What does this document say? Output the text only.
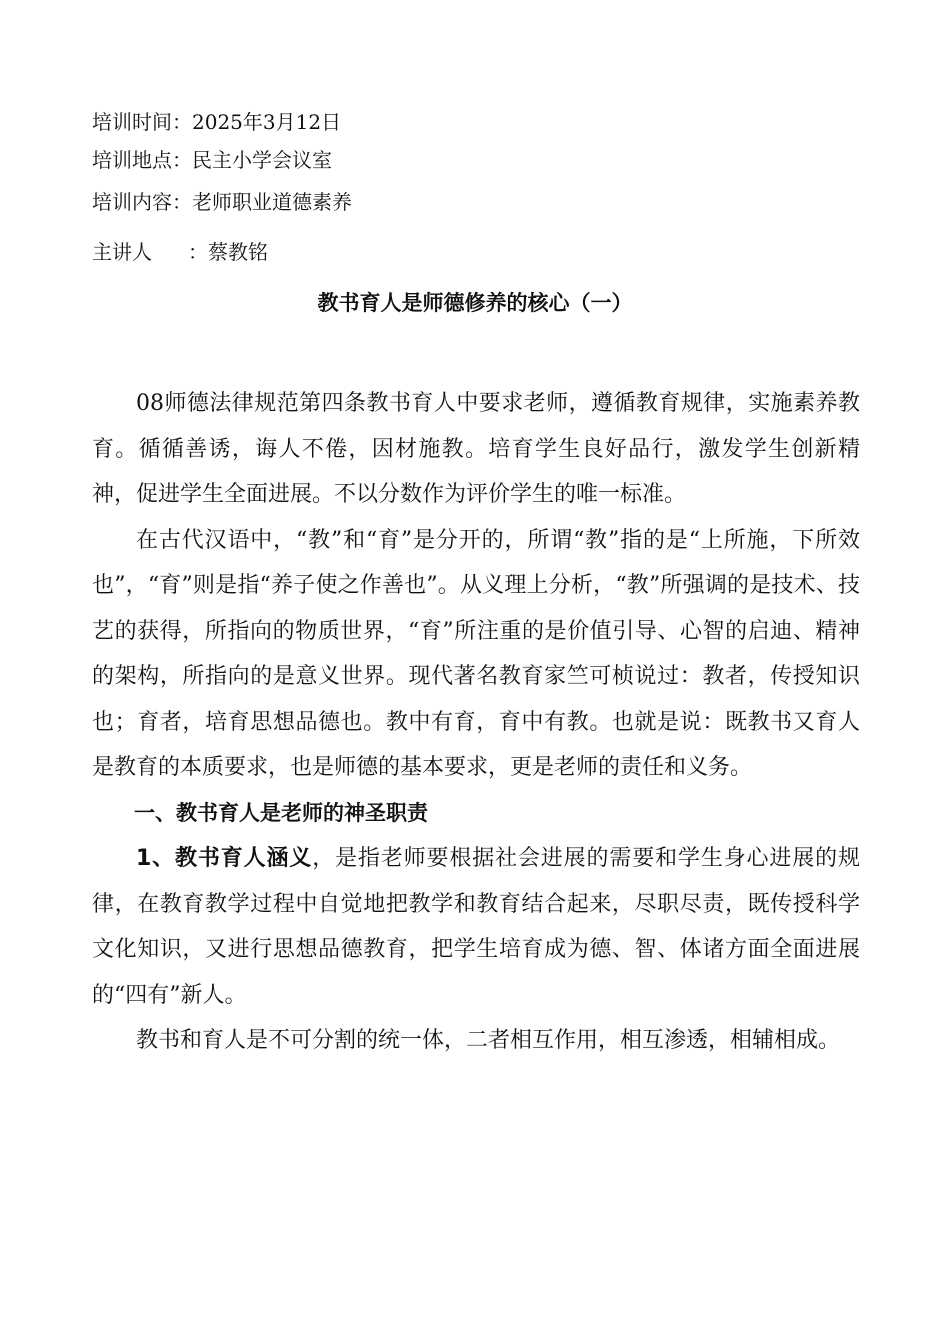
培训时间：2025年3月12日
培训地点：民主小学会议室
培训内容：老师职业道德素养
主讲人 ：蔡教铭
教书育人是师德修养的核心（一）

08师德法律规范第四条教书育人中要求老师，遵循教育规律，实施素养教育。循循善诱，诲人不倦，因材施教。培育学生良好品行，激发学生创新精神，促进学生全面进展。不以分数作为评价学生的唯一标准。

在古代汉语中，“教”和“育”是分开的，所谓“教”指的是“上所施，下所效也”，“育”则是指“养子使之作善也”。从义理上分析，“教”所强调的是技术、技艺的获得，所指向的物质世界，“育”所注重的是价值引导、心智的启迪、精神的架构，所指向的是意义世界。现代著名教育家竺可桢说过：教者，传授知识也；育者，培育思想品德也。教中有育，育中有教。也就是说：既教书又育人是教育的本质要求，也是师德的基本要求，更是老师的责任和义务。

一、教书育人是老师的神圣职责

1、教书育人涵义，是指老师要根据社会进展的需要和学生身心进展的规律，在教育教学过程中自觉地把教学和教育结合起来，尽职尽责，既传授科学文化知识，又进行思想品德教育，把学生培育成为德、智、体诸方面全面进展的“四有”新人。

教书和育人是不可分割的统一体，二者相互作用，相互渗透，相辅相成。
